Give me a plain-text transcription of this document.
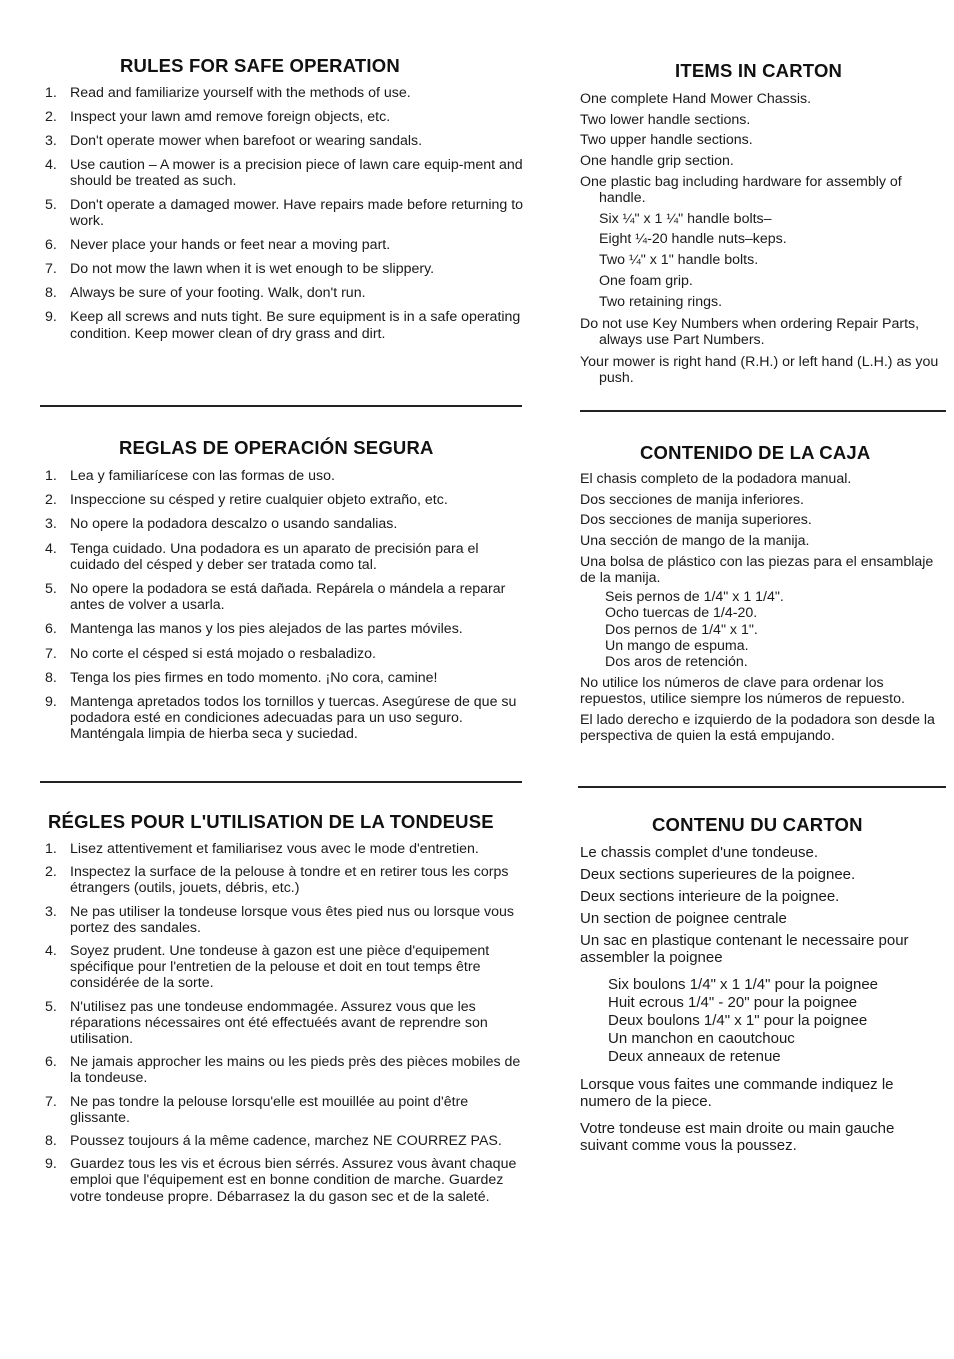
RULES FOR SAFE OPERATION
1. Read and familiarize yourself with the methods of use.
2. Inspect your lawn amd remove foreign objects, etc.
3. Don't operate mower when barefoot or wearing sandals.
4. Use caution – A mower is a precision piece of lawn care equip-ment and should be treated as such.
5. Don't operate a damaged mower. Have repairs made before returning to work.
6. Never place your hands or feet near a moving part.
7. Do not mow the lawn when it is wet enough to be slippery.
8. Always be sure of your footing. Walk, don't run.
9. Keep all screws and nuts tight. Be sure equipment is in a safe operating condition. Keep mower clean of dry grass and dirt.
ITEMS IN CARTON
One complete Hand Mower Chassis.
Two lower handle sections.
Two upper handle sections.
One handle grip section.
One plastic bag including hardware for assembly of handle.
Six ¼" x 1 ¼" handle bolts–
Eight ¼-20 handle nuts–keps.
Two ¼" x 1" handle bolts.
One foam grip.
Two retaining rings.
Do not use Key Numbers when ordering Repair Parts, always use Part Numbers.
Your mower is right hand (R.H.) or left hand (L.H.) as you push.
REGLAS DE OPERACIÓN SEGURA
1. Lea y familiarícese con las formas de uso.
2. Inspeccione su césped y retire cualquier objeto extraño, etc.
3. No opere la podadora descalzo o usando sandalias.
4. Tenga cuidado. Una podadora es un aparato de precisión para el cuidado del césped y deber ser tratada como tal.
5. No opere la podadora se está dañada. Repárela o mándela a reparar antes de volver a usarla.
6. Mantenga las manos y los pies alejados de las partes móviles.
7. No corte el césped si está mojado o resbaladizo.
8. Tenga los pies firmes en todo momento. ¡No cora, camine!
9. Mantenga apretados todos los tornillos y tuercas. Asegúrese de que su podadora esté en condiciones adecuadas para un uso seguro. Manténgala limpia de hierba seca y suciedad.
CONTENIDO DE LA CAJA
El chasis completo de la podadora manual.
Dos secciones de manija inferiores.
Dos secciones de manija superiores.
Una sección de mango de la manija.
Una bolsa de plástico con las piezas para el ensamblaje de la manija.
Seis pernos de 1/4" x 1 1/4".
Ocho tuercas de 1/4-20.
Dos pernos de 1/4" x 1".
Un mango de espuma.
Dos aros de retención.
No utilice los números de clave para ordenar los repuestos, utilice siempre los números de repuesto.
El lado derecho e izquierdo de la podadora son desde la perspectiva de quien la está empujando.
RÉGLES POUR L'UTILISATION DE LA TONDEUSE
1. Lisez attentivement et familiarisez vous avec le mode d'entretien.
2. Inspectez la surface de la pelouse à tondre et en retirer tous les corps étrangers (outils, jouets, débris, etc.)
3. Ne pas utiliser la tondeuse lorsque vous êtes pied nus ou lorsque vous portez des sandales.
4. Soyez prudent. Une tondeuse à gazon est une pièce d'equipement spécifique pour l'entretien de la pelouse et doit en tout temps être considérée de la sorte.
5. N'utilisez pas une tondeuse endommagée. Assurez vous que les réparations nécessaires ont été effectuéés avant de reprendre son utilisation.
6. Ne jamais approcher les mains ou les pieds près des pièces mobiles de la tondeuse.
7. Ne pas tondre la pelouse lorsqu'elle est mouillée au point d'être glissante.
8. Poussez toujours á la même cadence, marchez NE COURREZ PAS.
9. Guardez tous les vis et écrous bien sérrés. Assurez vous àvant chaque emploi que l'équipement est en bonne condition de marche. Guardez votre tondeuse propre. Débarrasez la du gason sec et de la saleté.
CONTENU DU CARTON
Le chassis complet d'une tondeuse.
Deux sections superieures de la poignee.
Deux sections interieure de la poignee.
Un section de poignee centrale
Un sac en plastique contenant le necessaire pour assembler la poignee
Six boulons 1/4" x 1 1/4" pour la poignee
Huit ecrous 1/4" - 20" pour la poignee
Deux boulons 1/4" x 1" pour la poignee
Un manchon en caoutchouc
Deux anneaux de retenue
Lorsque vous faites une commande indiquez le numero de la piece.
Votre tondeuse est main droite ou main gauche suivant comme vous la poussez.
